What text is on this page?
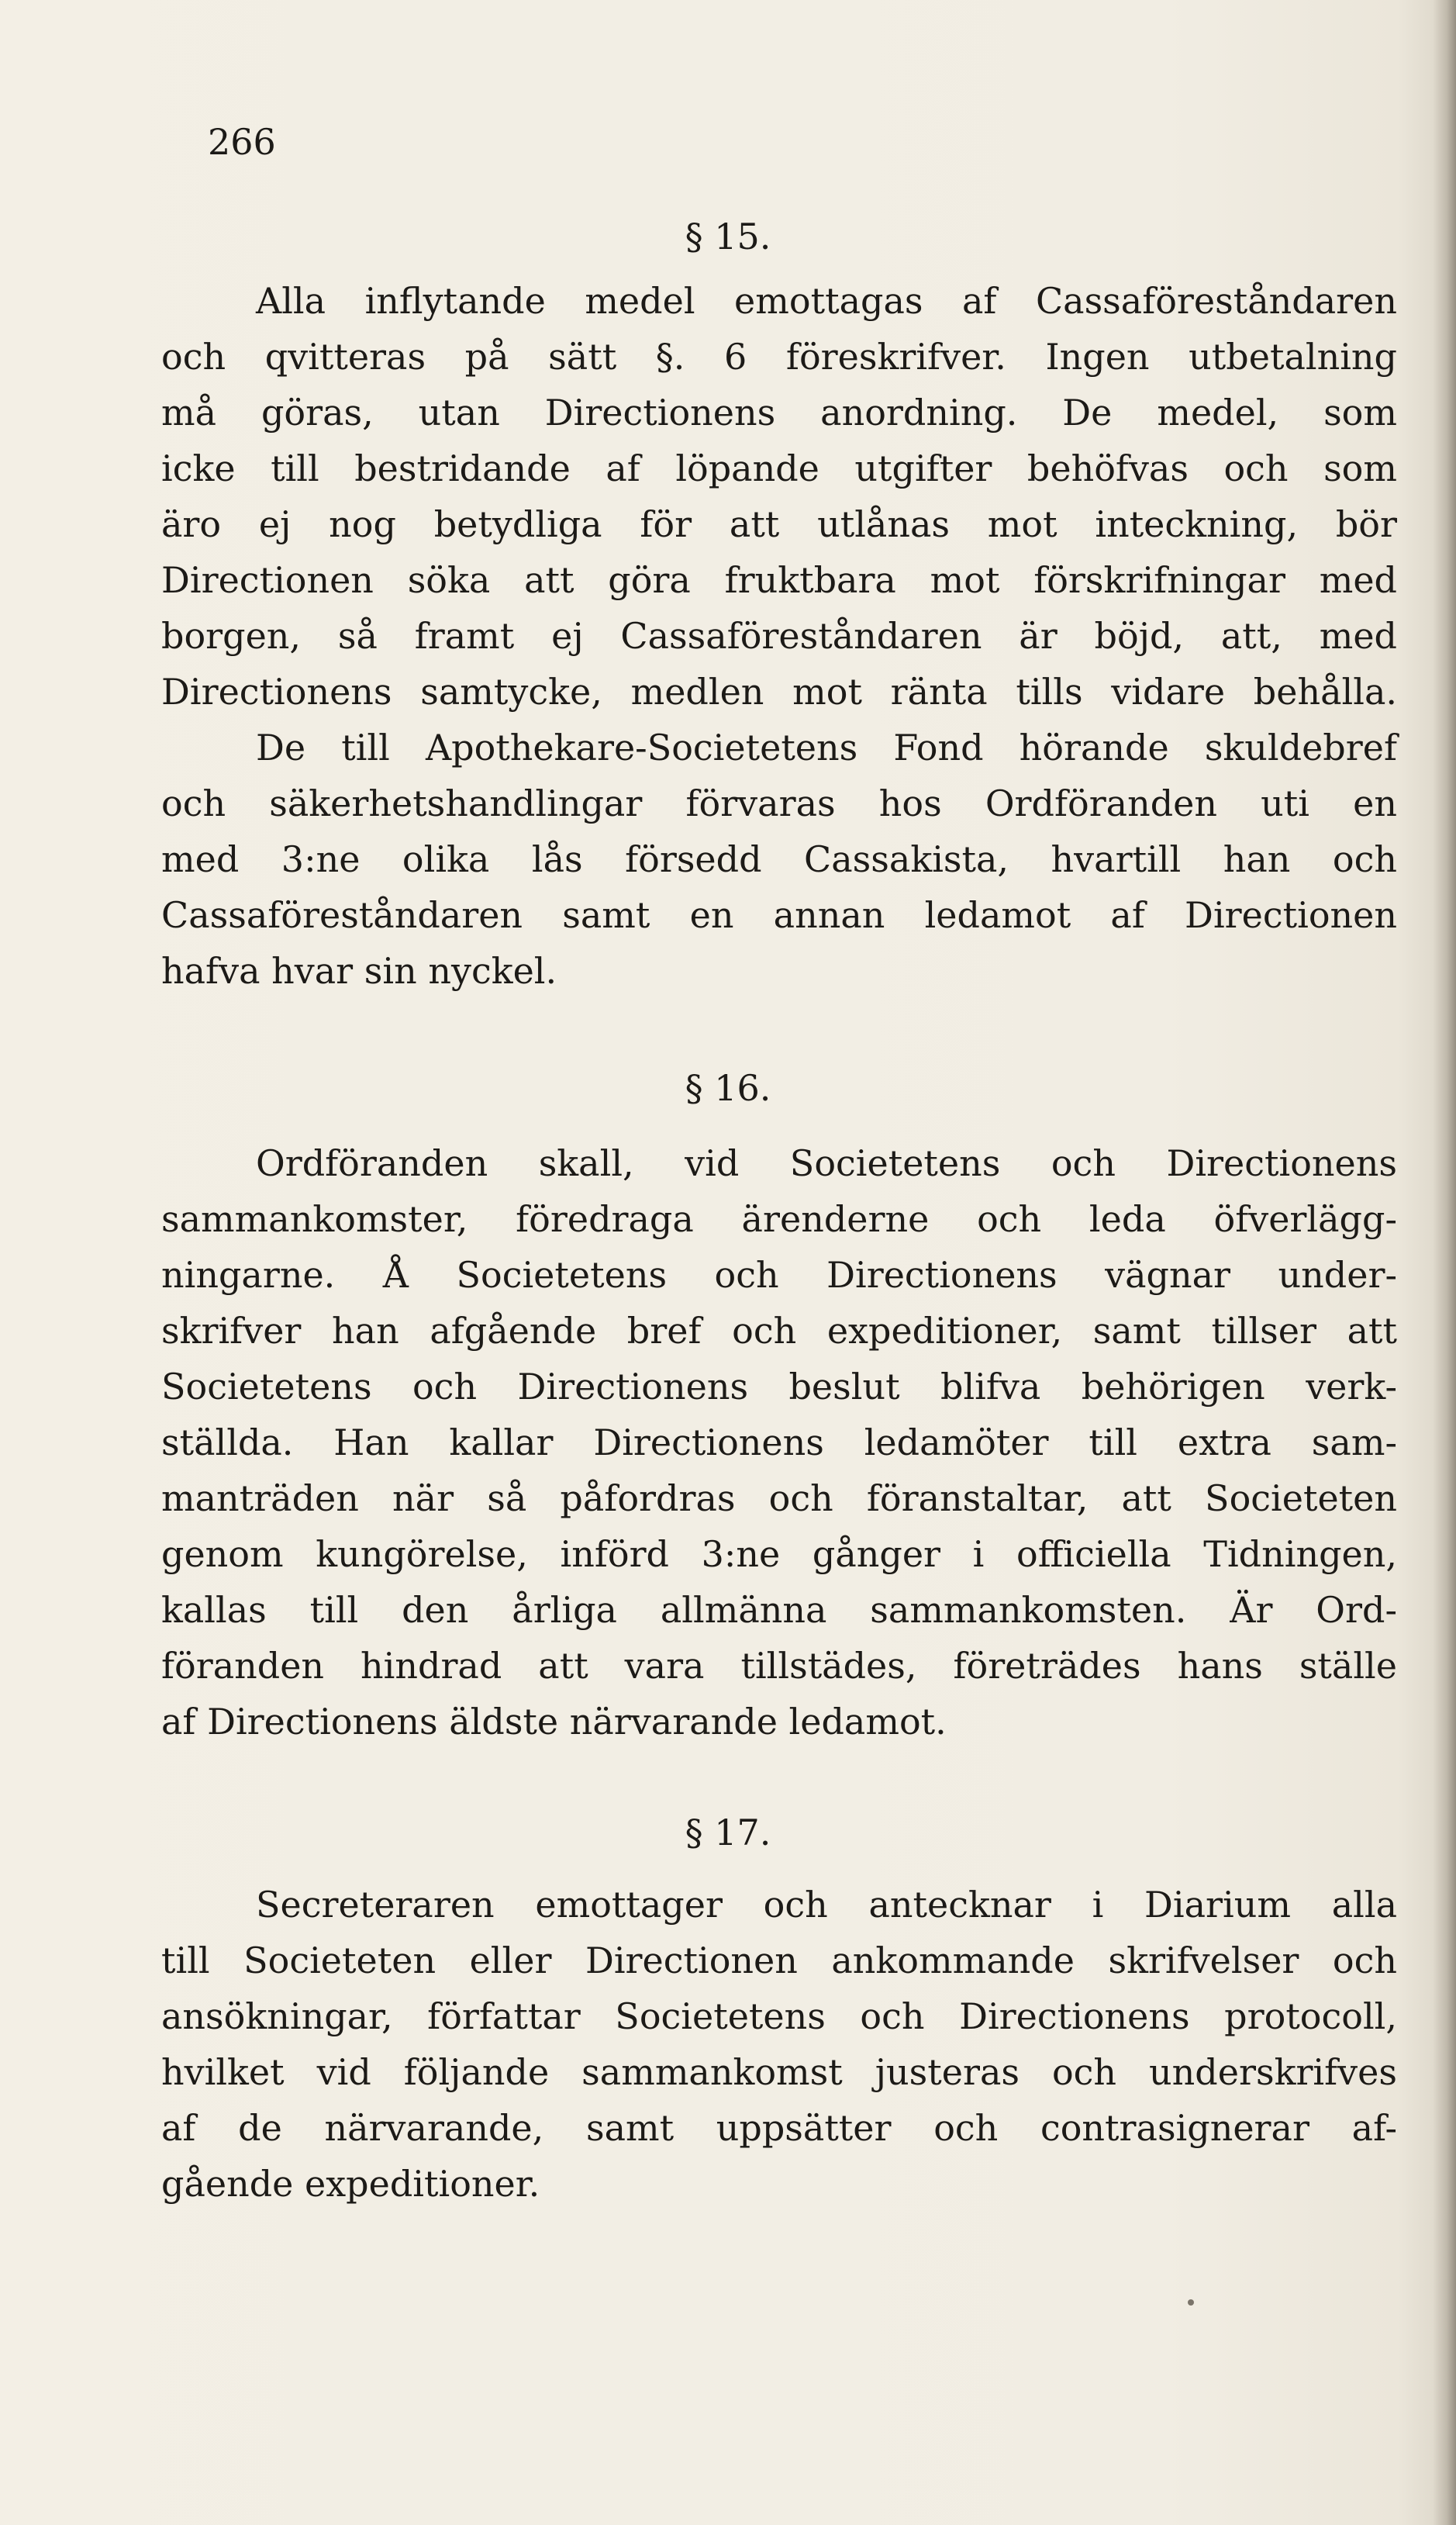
266
§ 15.

Alla inflytande medel emottagas af Cassaföreståndaren
och qvitteras på sätt §. 6 föreskrifver. Ingen utbetalning
må göras, utan Directionens anordning. De medel, som
icke till bestridande af löpande utgifter behöfvas och som
äro ej nog betydliga för att utlånas mot inteckning, bör
Directionen söka att göra fruktbara mot förskrifningar med
borgen, så framt ej Cassaföreståndaren är böjd, att, med
Directionens samtycke, medlen mot ränta tills vidare behålla.
De till Apothekare-Societetens Fond hörande skuldebref
och säkerhetshandlingar förvaras hos Ordföranden uti en
med 3:ne olika lås försedd Cassakista, hvartill han och
Cassaföreståndaren samt en annan ledamot af Directionen
hafva hvar sin nyckel.

§ 16.

Ordföranden skall, vid Societetens och Directionens
sammankomster, föredraga ärenderne och leda öfverlägg-
ningarne. Å Societetens och Directionens vägnar under-
skrifver han afgående bref och expeditioner, samt tillser att
Societetens och Directionens beslut blifva behörigen verk-
ställda. Han kallar Directionens ledamöter till extra sam-
manträden när så påfordras och föranstaltar, att Societeten
genom kungörelse, införd 3:ne gånger i officiella Tidningen,
kallas till den årliga allmänna sammankomsten. Är Ord-
föranden hindrad att vara tillstädes, företrädes hans ställe
af Directionens äldste närvarande ledamot.

§ 17.

Secreteraren emottager och antecknar i Diarium alla
till Societeten eller Directionen ankommande skrifvelser och
ansökningar, författar Societetens och Directionens protocoll,
hvilket vid följande sammankomst justeras och underskrifves
af de närvarande, samt uppsätter och contrasignerar af-
gående expeditioner.
